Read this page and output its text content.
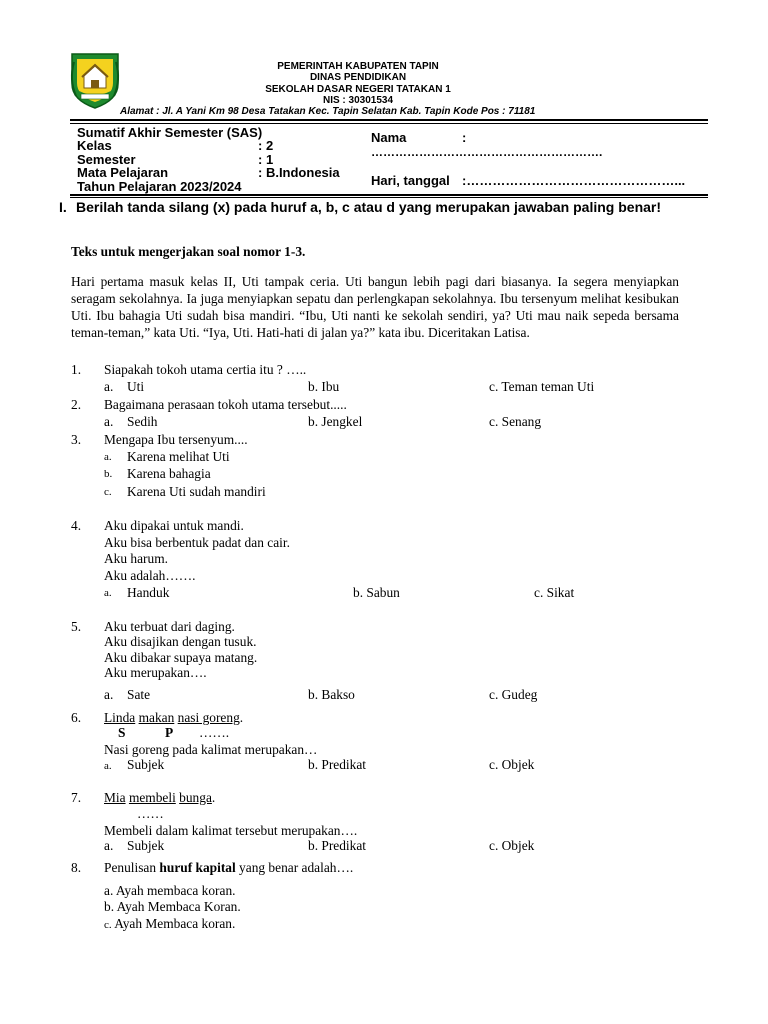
PEMERINTAH KABUPATEN TAPIN
DINAS PENDIDIKAN
SEKOLAH DASAR NEGERI TATAKAN 1
NIS : 30301534
Alamat : Jl. A Yani Km 98 Desa Tatakan Kec. Tapin Selatan Kab. Tapin Kode Pos : 71181
Sumatif Akhir Semester (SAS)
Kelas	: 2
Semester	: 1
Mata Pelajaran	: B.Indonesia
Tahun Pelajaran 2023/2024
Nama	:
………………………………………………….
Hari, tanggal :…………………………………………...
I. Berilah tanda silang (x) pada huruf a, b, c atau d yang merupakan jawaban paling benar!
Teks untuk mengerjakan soal nomor 1-3.
Hari pertama masuk kelas II, Uti tampak ceria. Uti bangun lebih pagi dari biasanya. Ia segera menyiapkan seragam sekolahnya. Ia juga menyiapkan sepatu dan perlengkapan sekolahnya. Ibu tersenyum melihat kesibukan Uti. Ibu bahagia Uti sudah bisa mandiri. “Ibu, Uti nanti ke sekolah sendiri, ya? Uti mau naik sepeda bersama teman-teman,” kata Uti. “Iya, Uti. Hati-hati di jalan ya?” kata ibu. Diceritakan Latisa.
1. Siapakah tokoh utama certia itu ? …..
a. Uti	b. Ibu	c. Teman teman Uti
2. Bagaimana perasaan tokoh utama tersebut.....
a. Sedih	b. Jengkel	c. Senang
3. Mengapa Ibu tersenyum....
a. Karena melihat Uti
b. Karena bahagia
c. Karena Uti sudah mandiri
4. Aku dipakai untuk mandi.
Aku bisa berbentuk padat dan cair.
Aku harum.
Aku adalah…….
a. Handuk	b. Sabun	c. Sikat
5. Aku terbuat dari daging.
Aku disajikan dengan tusuk.
Aku dibakar supaya matang.
Aku merupakan….
a. Sate	b. Bakso	c. Gudeg
6. Linda makan nasi goreng.
S	P …….
Nasi goreng pada kalimat merupakan…
a. Subjek	b. Predikat	c. Objek
7. Mia membeli bunga.
……
Membeli dalam kalimat tersebut merupakan….
a. Subjek	b. Predikat	c. Objek
8. Penulisan huruf kapital yang benar adalah….
a. Ayah membaca koran.
b. Ayah Membaca Koran.
c. Ayah Membaca koran.
